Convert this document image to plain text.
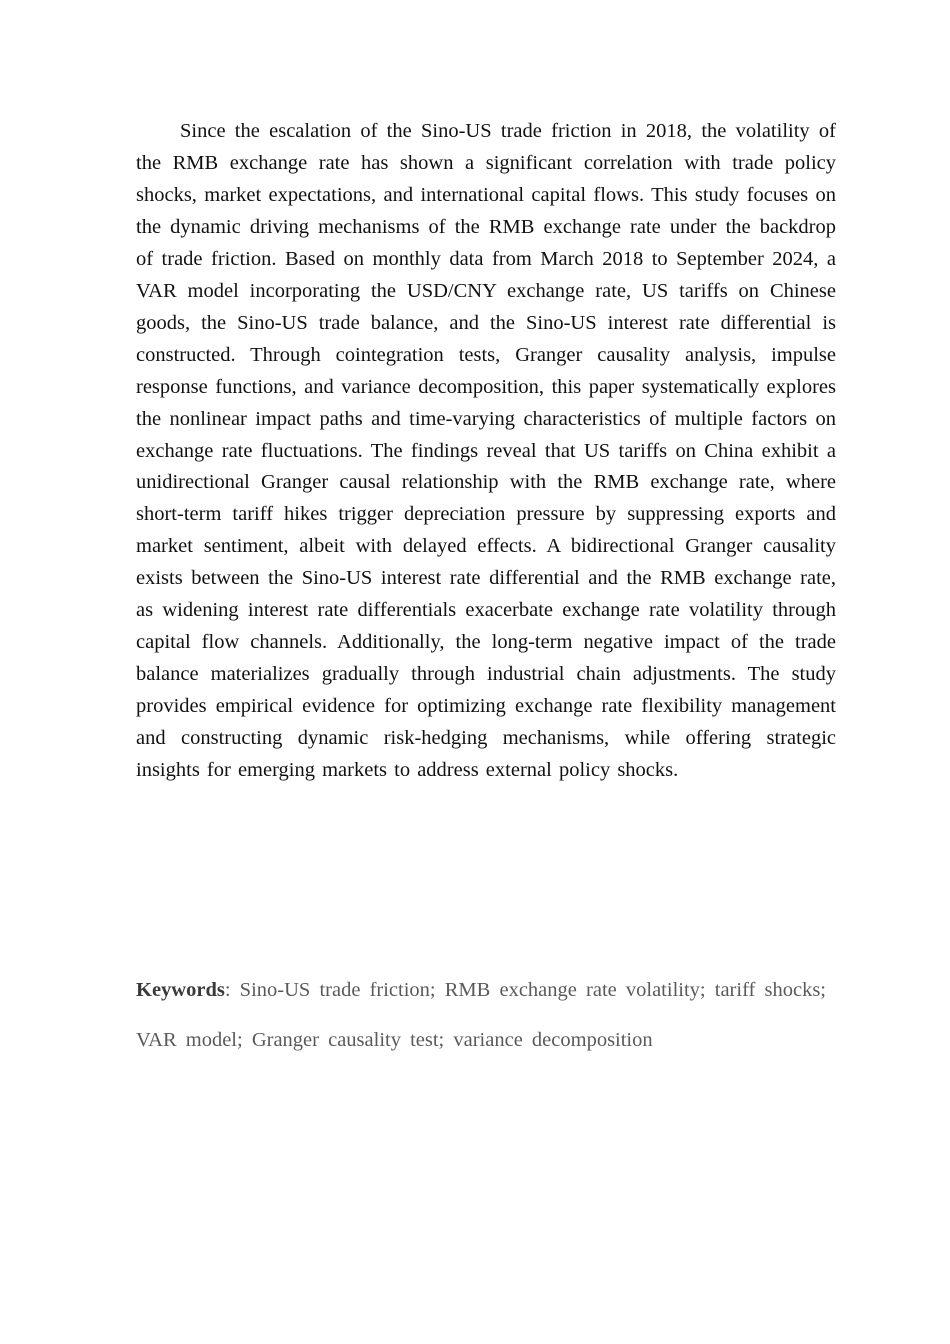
Since the escalation of the Sino-US trade friction in 2018, the volatility of the RMB exchange rate has shown a significant correlation with trade policy shocks, market expectations, and international capital flows. This study focuses on the dynamic driving mechanisms of the RMB exchange rate under the backdrop of trade friction. Based on monthly data from March 2018 to September 2024, a VAR model incorporating the USD/CNY exchange rate, US tariffs on Chinese goods, the Sino-US trade balance, and the Sino-US interest rate differential is constructed. Through cointegration tests, Granger causality analysis, impulse response functions, and variance decomposition, this paper systematically explores the nonlinear impact paths and time-varying characteristics of multiple factors on exchange rate fluctuations. The findings reveal that US tariffs on China exhibit a unidirectional Granger causal relationship with the RMB exchange rate, where short-term tariff hikes trigger depreciation pressure by suppressing exports and market sentiment, albeit with delayed effects. A bidirectional Granger causality exists between the Sino-US interest rate differential and the RMB exchange rate, as widening interest rate differentials exacerbate exchange rate volatility through capital flow channels. Additionally, the long-term negative impact of the trade balance materializes gradually through industrial chain adjustments. The study provides empirical evidence for optimizing exchange rate flexibility management and constructing dynamic risk-hedging mechanisms, while offering strategic insights for emerging markets to address external policy shocks.

Keywords: Sino-US trade friction; RMB exchange rate volatility; tariff shocks; VAR model; Granger causality test; variance decomposition
